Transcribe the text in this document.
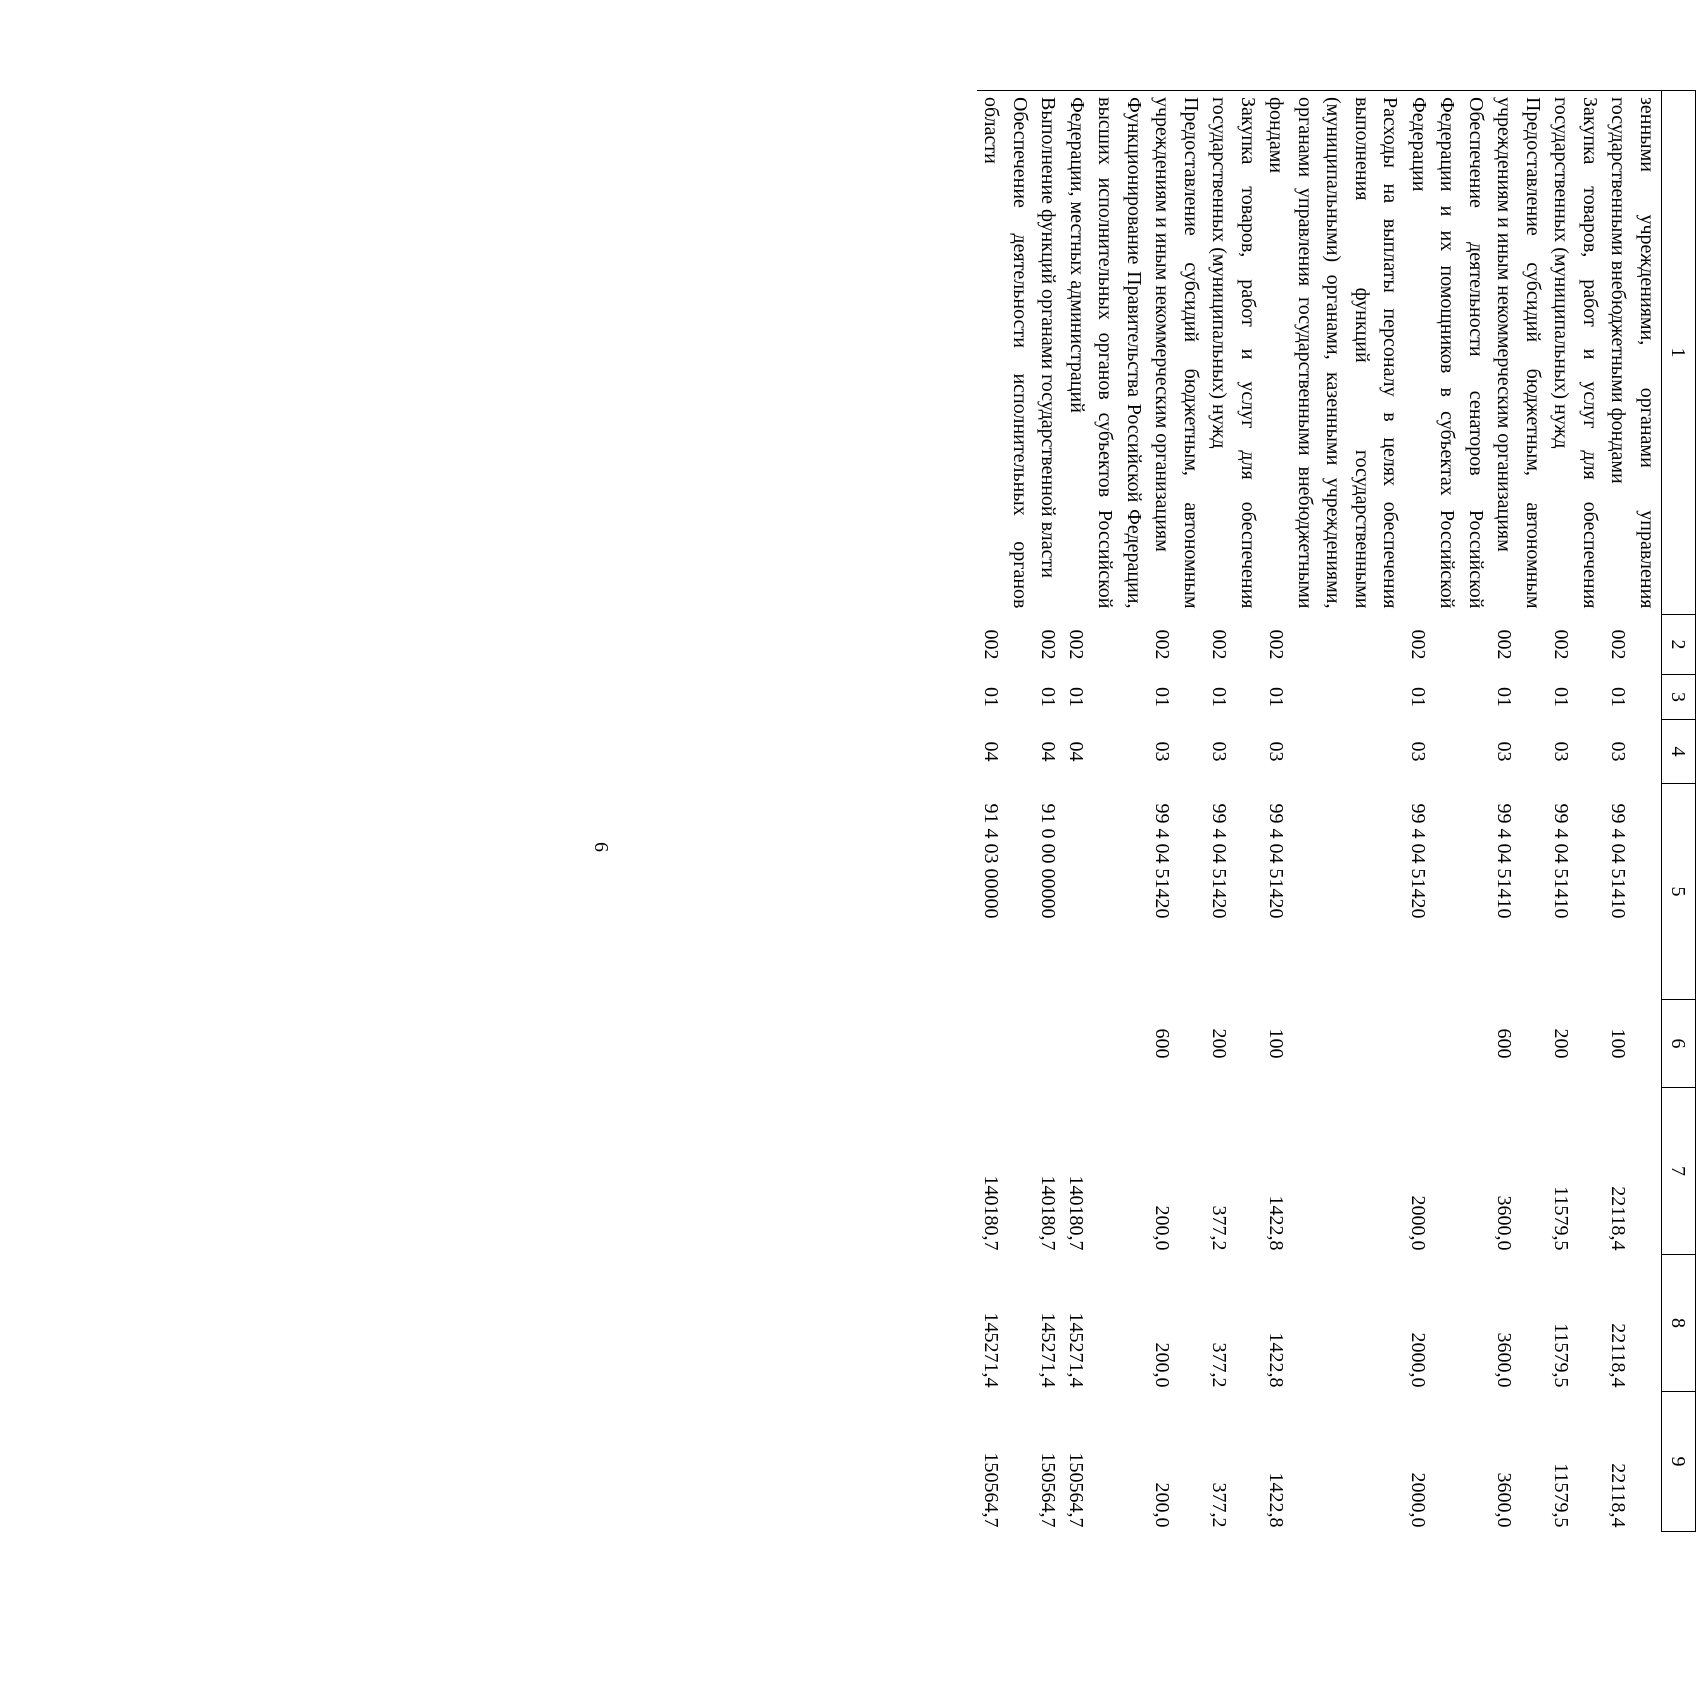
6
1	2	3	4	5	6	7	8	9
зенными учреждениями, органами управления государственными внебюджетными фондами	002	01	03	99 4 04 51410	100	22118,4	22118,4	22118,4
Закупка товаров, работ и услуг для обеспечения государственных (муниципальных) нужд	002	01	03	99 4 04 51410	200	11579,5	11579,5	11579,5
Предоставление субсидий бюджетным, автономным учреждениям и иным некоммерческим организациям	002	01	03	99 4 04 51410	600	3600,0	3600,0	3600,0
Обеспечение деятельности сенаторов Российской Федерации и их помощников в субъектах Российской Федерации	002	01	03	99 4 04 51420		2000,0	2000,0	2000,0
Расходы на выплаты персоналу в целях обеспечения выполнения функций государственными (муниципальными) органами, казенными учреждениями, органами управления государственными внебюджетными фондами	002	01	03	99 4 04 51420	100	1422,8	1422,8	1422,8
Закупка товаров, работ и услуг для обеспечения государственных (муниципальных) нужд	002	01	03	99 4 04 51420	200	377,2	377,2	377,2
Предоставление субсидий бюджетным, автономным учреждениям и иным некоммерческим организациям	002	01	03	99 4 04 51420	600	200,0	200,0	200,0
Функционирование Правительства Российской Федерации, высших исполнительных органов субъектов Российской Федерации, местных администраций	002	01	04			140180,7	145271,4	150564,7
Выполнение функций органами государственной власти	002	01	04	91 0 00 00000		140180,7	145271,4	150564,7
Обеспечение деятельности исполнительных органов области	002	01	04	91 4 03 00000		140180,7	145271,4	150564,7
